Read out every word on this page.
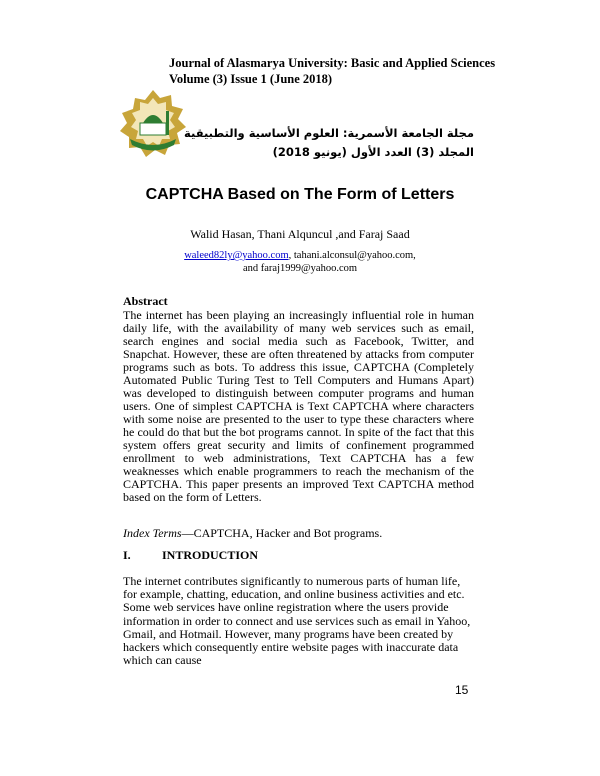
Journal of Alasmarya University: Basic and Applied Sciences
Volume (3) Issue 1 (June 2018)
مجلة الجامعة الأسمرية: العلوم الأساسية والتطبيقية
المجلد (3) العدد الأول (يونيو 2018)
CAPTCHA Based on The Form of Letters
Walid Hasan, Thani Alquncul ,and Faraj Saad
waleed82ly@yahoo.com, tahani.alconsul@yahoo.com,
and faraj1999@yahoo.com
Abstract
The internet has been playing an increasingly influential role in human daily life, with the availability of many web services such as email, search engines and social media such as Facebook, Twitter, and Snapchat. However, these are often threatened by attacks from computer programs such as bots. To address this issue, CAPTCHA (Completely Automated Public Turing Test to Tell Computers and Humans Apart) was developed to distinguish between computer programs and human users. One of simplest CAPTCHA is Text CAPTCHA where characters with some noise are presented to the user to type these characters where he could do that but the bot programs cannot. In spite of the fact that this system offers great security and limits of confinement programmed enrollment to web administrations, Text CAPTCHA has a few weaknesses which enable programmers to reach the mechanism of the CAPTCHA. This paper presents an improved Text CAPTCHA method based on the form of Letters.
Index Terms—CAPTCHA, Hacker and Bot programs.
I.	INTRODUCTION
The internet contributes significantly to numerous parts of human life, for example, chatting, education, and online business activities and etc. Some web services have online registration where the users provide information in order to connect and use services such as email in Yahoo, Gmail, and Hotmail. However, many programs have been created by hackers which consequently entire website pages with inaccurate data which can cause
15
